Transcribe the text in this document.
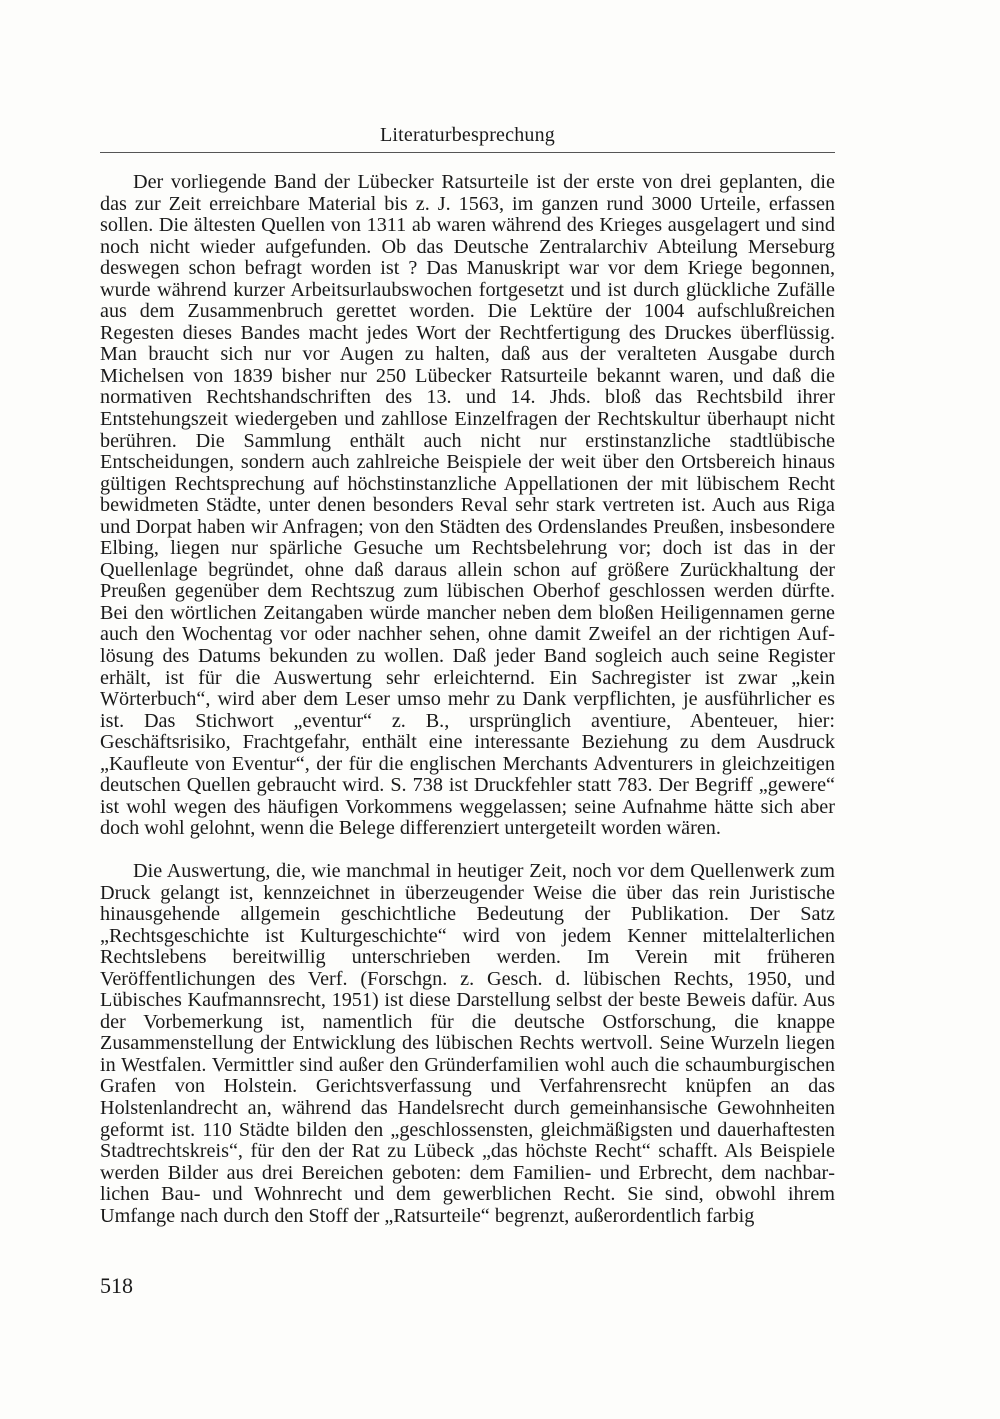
Literaturbesprechung

Der vorliegende Band der Lübecker Ratsurteile ist der erste von drei geplanten, die das zur Zeit erreichbare Material bis z. J. 1563, im ganzen rund 3000 Urteile, erfassen sollen. Die ältesten Quellen von 1311 ab waren während des Krieges ausgelagert und sind noch nicht wieder aufgefunden. Ob das Deutsche Zentralarchiv Abteilung Merseburg deswegen schon befragt worden ist ? Das Manuskript war vor dem Kriege begonnen, wurde während kurzer Arbeitsurlaubswochen fortgesetzt und ist durch glückliche Zufälle aus dem Zusammenbruch gerettet worden. Die Lektüre der 1004 aufschlußreichen Regesten dieses Bandes macht jedes Wort der Rechtfertigung des Druckes überflüssig. Man braucht sich nur vor Augen zu halten, daß aus der veralteten Ausgabe durch Michelsen von 1839 bisher nur 250 Lübecker Ratsurteile bekannt waren, und daß die normativen Rechtshandschriften des 13. und 14. Jhds. bloß das Rechtsbild ihrer Entstehungszeit wiedergeben und zahllose Einzelfragen der Rechtskultur überhaupt nicht berühren. Die Sammlung enthält auch nicht nur erstinstanzliche stadtlübische Entscheidungen, sondern auch zahlreiche Beispiele der weit über den Ortsbereich hinaus gültigen Rechtsprechung auf höchstinstanzliche Appellationen der mit lübischem Recht bewidmeten Städte, unter denen besonders Reval sehr stark vertreten ist. Auch aus Riga und Dorpat haben wir Anfragen; von den Städten des Ordenslandes Preußen, insbesondere Elbing, liegen nur spärliche Gesuche um Rechtsbelehrung vor; doch ist das in der Quellenlage begründet, ohne daß daraus allein schon auf größere Zurückhaltung der Preußen gegenüber dem Rechtszug zum lübischen Oberhof geschlossen werden dürfte. Bei den wörtlichen Zeitangaben würde mancher neben dem bloßen Heiligennamen gerne auch den Wochentag vor oder nachher sehen, ohne damit Zweifel an der richtigen Auflösung des Datums bekunden zu wollen. Daß jeder Band sogleich auch seine Register erhält, ist für die Auswertung sehr erleichternd. Ein Sachregister ist zwar „kein Wörterbuch“, wird aber dem Leser umso mehr zu Dank verpflichten, je ausführlicher es ist. Das Stichwort „eventur“ z. B., ursprünglich aventiure, Abenteuer, hier: Geschäftsrisiko, Frachtgefahr, enthält eine interessante Beziehung zu dem Ausdruck „Kaufleute von Eventur“, der für die englischen Merchants Adventurers in gleichzeitigen deutschen Quellen gebraucht wird. S. 738 ist Druckfehler statt 783. Der Begriff „gewere“ ist wohl wegen des häufigen Vorkommens weggelassen; seine Aufnahme hätte sich aber doch wohl gelohnt, wenn die Belege differenziert untergeteilt worden wären.

Die Auswertung, die, wie manchmal in heutiger Zeit, noch vor dem Quellenwerk zum Druck gelangt ist, kennzeichnet in überzeugender Weise die über das rein Juristische hinausgehende allgemein geschichtliche Bedeutung der Publikation. Der Satz „Rechtsgeschichte ist Kulturgeschichte“ wird von jedem Kenner mittelalterlichen Rechtslebens bereitwillig unterschrieben werden. Im Verein mit früheren Veröffentlichungen des Verf. (Forschgn. z. Gesch. d. lübischen Rechts, 1950, und Lübisches Kaufmannsrecht, 1951) ist diese Darstellung selbst der beste Beweis dafür. Aus der Vorbemerkung ist, namentlich für die deutsche Ostforschung, die knappe Zusammenstellung der Entwicklung des lübischen Rechts wertvoll. Seine Wurzeln liegen in Westfalen. Vermittler sind außer den Gründerfamilien wohl auch die schaumburgischen Grafen von Holstein. Gerichtsverfassung und Verfahrensrecht knüpfen an das Holstenlandrecht an, während das Handelsrecht durch gemeinhansische Gewohnheiten geformt ist. 110 Städte bilden den „geschlossensten, gleichmäßigsten und dauerhaftesten Stadtrechtskreis“, für den der Rat zu Lübeck „das höchste Recht“ schafft. Als Beispiele werden Bilder aus drei Bereichen geboten: dem Familien- und Erbrecht, dem nachbarlichen Bau- und Wohnrecht und dem gewerblichen Recht. Sie sind, obwohl ihrem Umfange nach durch den Stoff der „Ratsurteile“ begrenzt, außerordentlich farbig

518
